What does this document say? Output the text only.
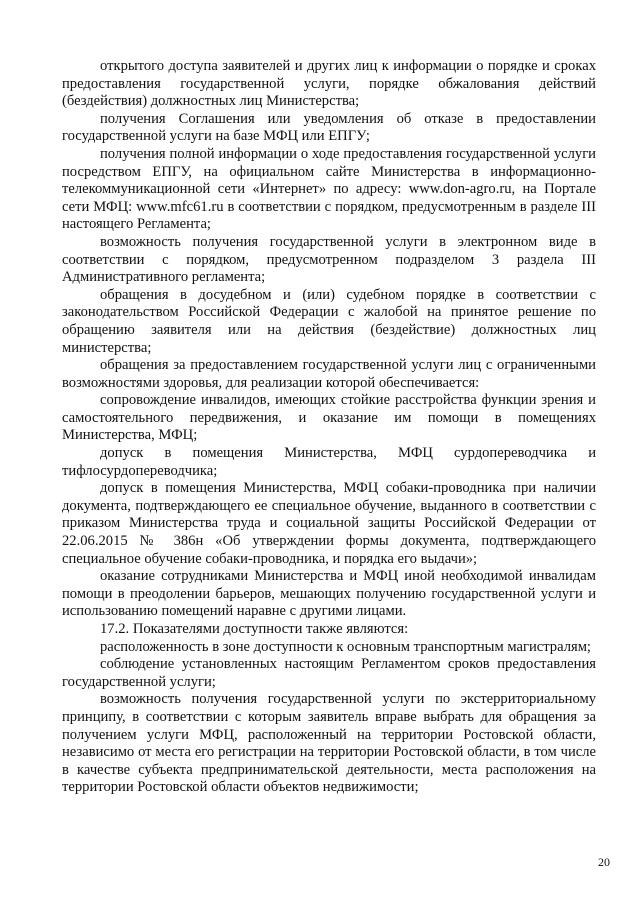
открытого доступа заявителей и других лиц к информации о порядке и сроках предоставления государственной услуги, порядке обжалования действий (бездействия) должностных лиц Министерства;

получения Соглашения или уведомления об отказе в предоставлении государственной услуги на базе МФЦ или ЕПГУ;

получения полной информации о ходе предоставления государственной услуги посредством ЕПГУ, на официальном сайте Министерства в информационно-телекоммуникационной сети «Интернет» по адресу: www.don-agro.ru, на Портале сети МФЦ: www.mfc61.ru в соответствии с порядком, предусмотренным в разделе III настоящего Регламента;

возможность получения государственной услуги в электронном виде в соответствии с порядком, предусмотренном подразделом 3 раздела III Административного регламента;

обращения в досудебном и (или) судебном порядке в соответствии с законодательством Российской Федерации с жалобой на принятое решение по обращению заявителя или на действия (бездействие) должностных лиц министерства;

обращения за предоставлением государственной услуги лиц с ограниченными возможностями здоровья, для реализации которой обеспечивается:

сопровождение инвалидов, имеющих стойкие расстройства функции зрения и самостоятельного передвижения, и оказание им помощи в помещениях Министерства, МФЦ;

допуск в помещения Министерства, МФЦ сурдопереводчика и тифлосурдопереводчика;

допуск в помещения Министерства, МФЦ собаки-проводника при наличии документа, подтверждающего ее специальное обучение, выданного в соответствии с приказом Министерства труда и социальной защиты Российской Федерации от 22.06.2015 № 386н «Об утверждении формы документа, подтверждающего специальное обучение собаки-проводника, и порядка его выдачи»;

оказание сотрудниками Министерства и МФЦ иной необходимой инвалидам помощи в преодолении барьеров, мешающих получению государственной услуги и использованию помещений наравне с другими лицами.

17.2. Показателями доступности также являются:

расположенность в зоне доступности к основным транспортным магистралям;

соблюдение установленных настоящим Регламентом сроков предоставления государственной услуги;

возможность получения государственной услуги по экстерриториальному принципу, в соответствии с которым заявитель вправе выбрать для обращения за получением услуги МФЦ, расположенный на территории Ростовской области, независимо от места его регистрации на территории Ростовской области, в том числе в качестве субъекта предпринимательской деятельности, места расположения на территории Ростовской области объектов недвижимости;

20
